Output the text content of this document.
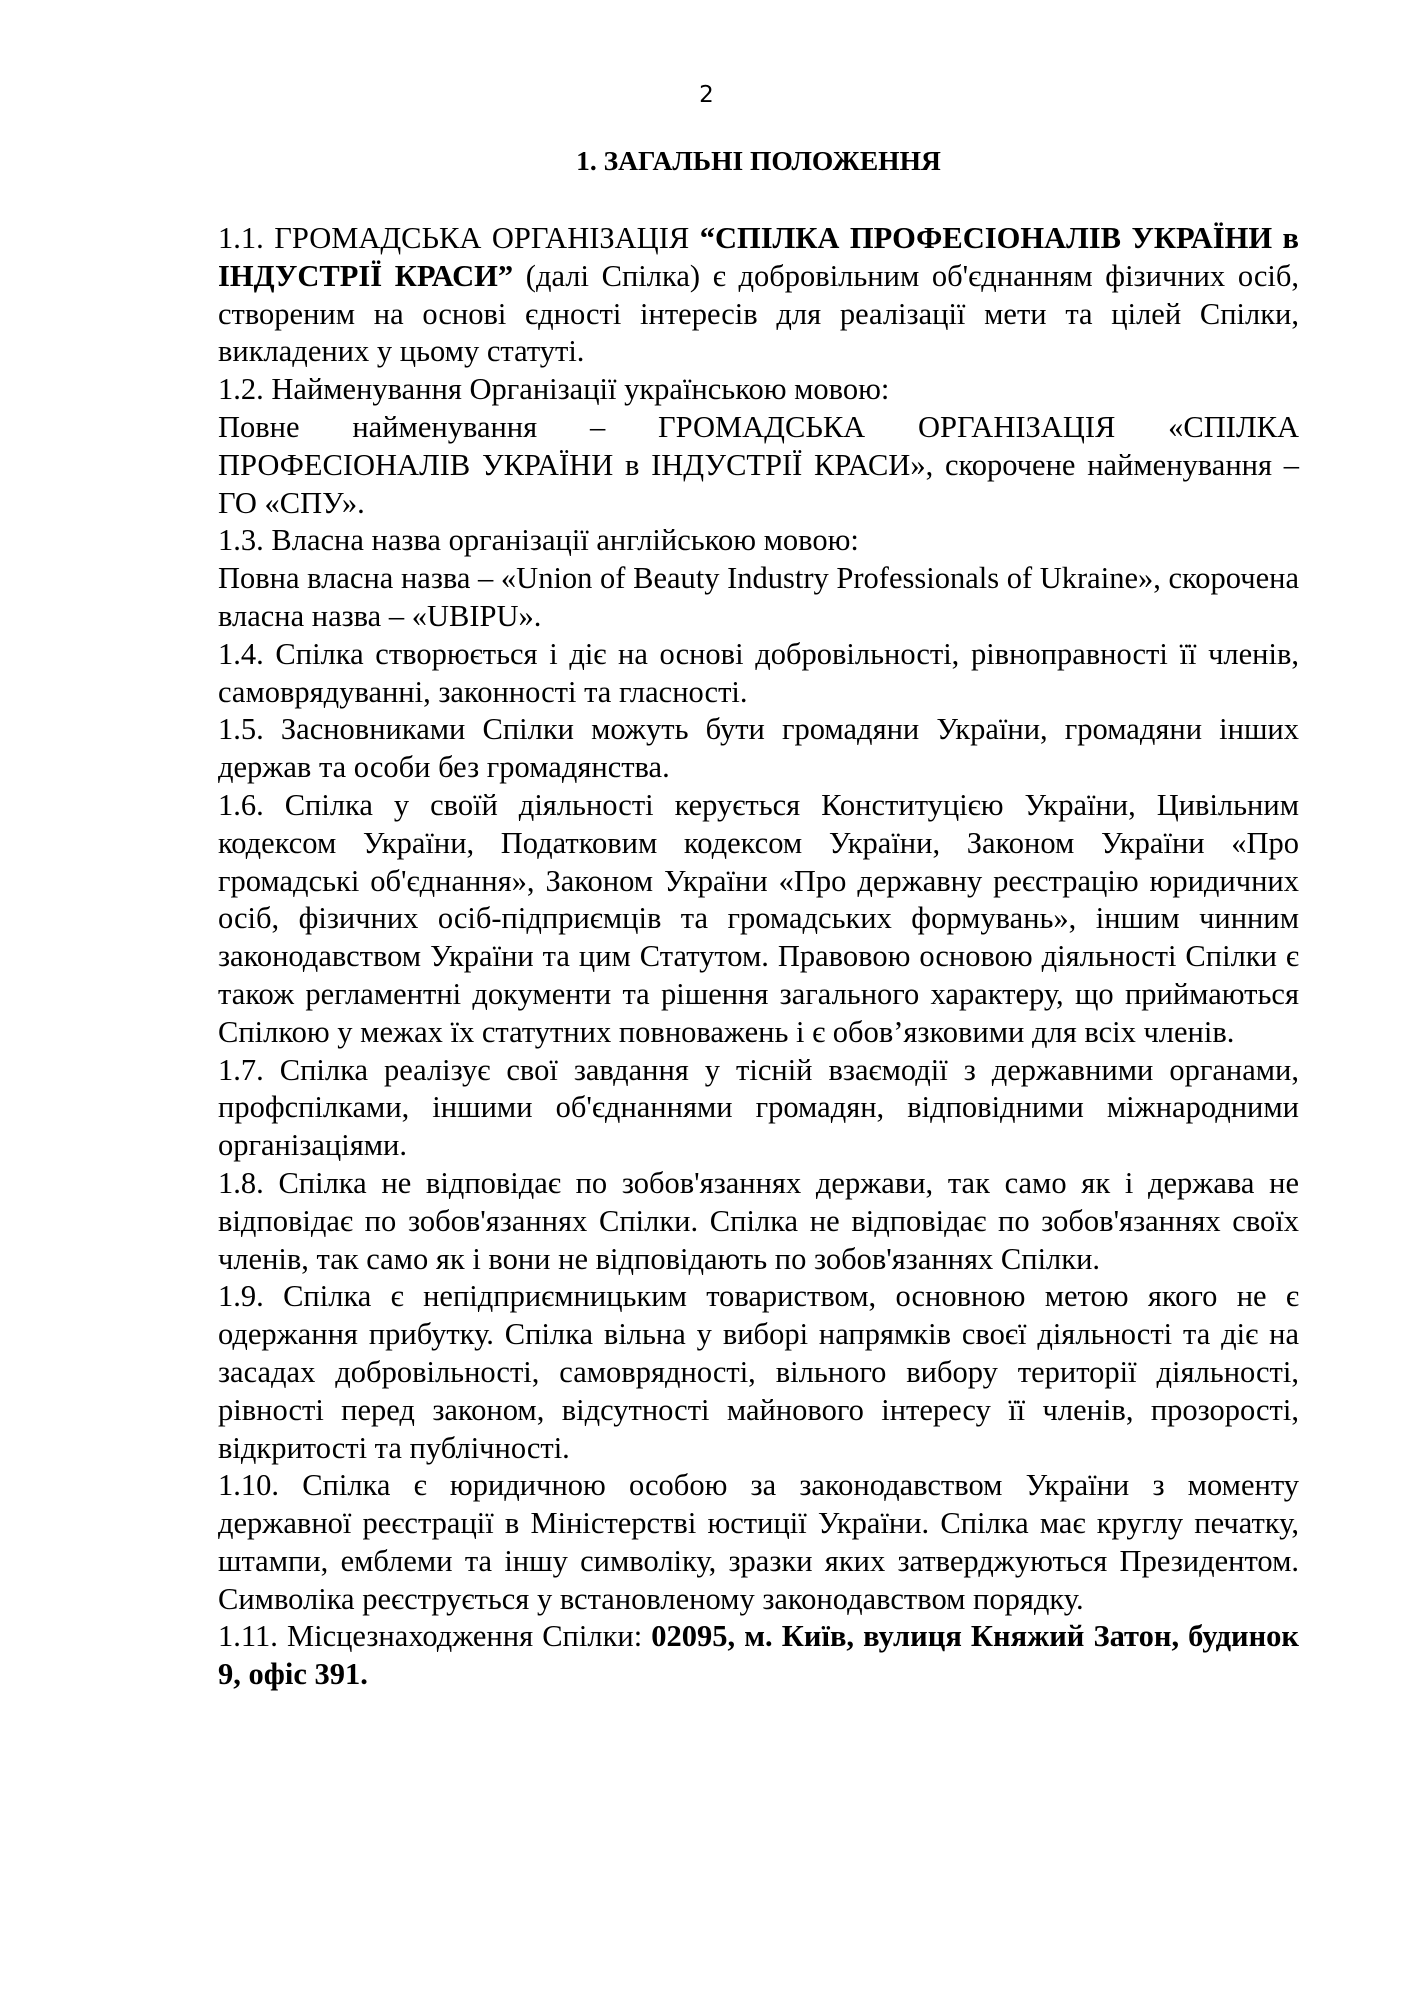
2
1. ЗАГАЛЬНІ ПОЛОЖЕННЯ

1.1. ГРОМАДСЬКА ОРГАНІЗАЦІЯ “СПІЛКА ПРОФЕСІОНАЛІВ УКРАЇНИ в ІНДУСТРІЇ КРАСИ” (далі Спілка) є добровільним об'єднанням фізичних осіб, створеним на основі єдності інтересів для реалізації мети та цілей Спілки, викладених у цьому статуті.

1.2. Найменування Організації українською мовою:

Повне найменування – ГРОМАДСЬКА ОРГАНІЗАЦІЯ «СПІЛКА ПРОФЕСІОНАЛІВ УКРАЇНИ в ІНДУСТРІЇ КРАСИ», скорочене найменування – ГО «СПУ».

1.3. Власна назва організації англійською мовою:

Повна власна назва – «Union of Beauty Industry Professionals of Ukraine», скорочена власна назва – «UBIPU».

1.4. Спілка створюється і діє на основі добровільності, рівноправності її членів, самоврядуванні, законності та гласності.

1.5. Засновниками Спілки можуть бути громадяни України, громадяни інших держав та особи без громадянства.

1.6. Спілка у своїй діяльності керується Конституцією України, Цивільним кодексом України, Податковим кодексом України, Законом України «Про громадські об'єднання», Законом України «Про державну реєстрацію юридичних осіб, фізичних осіб-підприємців та громадських формувань», іншим чинним законодавством України та цим Статутом. Правовою основою діяльності Спілки є також регламентні документи та рішення загального характеру, що приймаються Спілкою у межах їх статутних повноважень і є обов’язковими для всіх членів.

1.7. Спілка реалізує свої завдання у тісній взаємодії з державними органами, профспілками, іншими об'єднаннями громадян, відповідними міжнародними організаціями.

1.8. Спілка не відповідає по зобов'язаннях держави, так само як і держава не відповідає по зобов'язаннях Спілки. Спілка не відповідає по зобов'язаннях своїх членів, так само як і вони не відповідають по зобов'язаннях Спілки.

1.9. Спілка є непідприємницьким товариством, основною метою якого не є одержання прибутку. Спілка вільна у виборі напрямків своєї діяльності та діє на засадах добровільності, самоврядності, вільного вибору території діяльності, рівності перед законом, відсутності майнового інтересу її членів, прозорості, відкритості та публічності.

1.10. Спілка є юридичною особою за законодавством України з моменту державної реєстрації в Міністерстві юстиції України. Спілка має круглу печатку, штампи, емблеми та іншу символіку, зразки яких затверджуються Президентом. Символіка реєструється у встановленому законодавством порядку.

1.11. Місцезнаходження Спілки: 02095, м. Київ, вулиця Княжий Затон, будинок 9, офіс 391.
